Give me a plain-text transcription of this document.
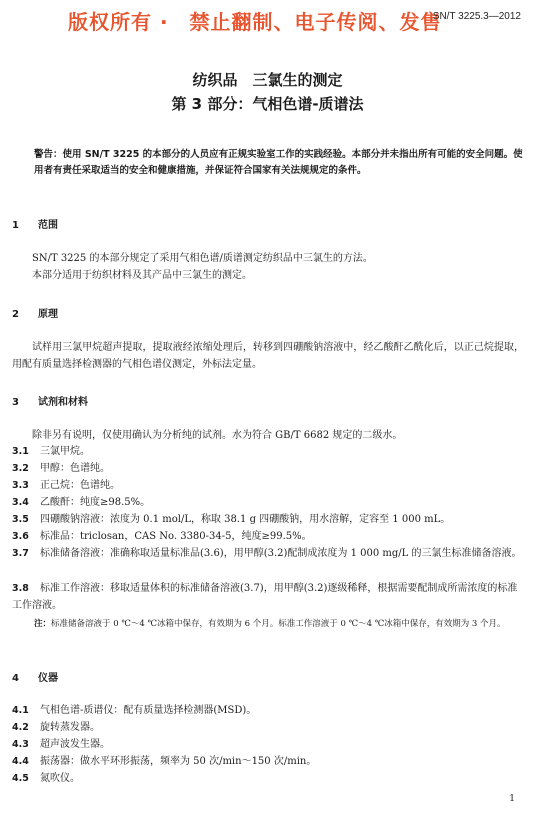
版权所有 ·　禁止翻制、电子传阅、发售
SN/T 3225.3—2012
纺织品　三氯生的测定
第 3 部分：气相色谱-质谱法
警告：使用 SN/T 3225 的本部分的人员应有正规实验室工作的实践经验。本部分并未指出所有可能的安全问题。使用者有责任采取适当的安全和健康措施，并保证符合国家有关法规规定的条件。
1 范围
SN/T 3225 的本部分规定了采用气相色谱/质谱测定纺织品中三氯生的方法。
本部分适用于纺织材料及其产品中三氯生的测定。
2 原理
试样用三氯甲烷超声提取，提取液经浓缩处理后，转移到四硼酸钠溶液中，经乙酸酐乙酰化后，以正己烷提取，用配有质量选择检测器的气相色谱仪测定，外标法定量。
3 试剂和材料
除非另有说明，仅使用确认为分析纯的试剂。水为符合 GB/T 6682 规定的二级水。
3.1 三氯甲烷。
3.2 甲醇：色谱纯。
3.3 正己烷：色谱纯。
3.4 乙酸酐：纯度≥98.5%。
3.5 四硼酸钠溶液：浓度为 0.1 mol/L，称取 38.1 g 四硼酸钠，用水溶解，定容至 1 000 mL。
3.6 标准品：triclosan，CAS No. 3380-34-5，纯度≥99.5%。
3.7 标准储备溶液：准确称取适量标准品(3.6)，用甲醇(3.2)配制成浓度为 1 000 mg/L 的三氯生标准储备溶液。
3.8 标准工作溶液：移取适量体积的标准储备溶液(3.7)，用甲醇(3.2)逐级稀释，根据需要配制成所需浓度的标准工作溶液。
注：标准储备溶液于 0 ℃～4 ℃冰箱中保存，有效期为 6 个月。标准工作溶液于 0 ℃～4 ℃冰箱中保存，有效期为 3 个月。
4 仪器
4.1 气相色谱-质谱仪：配有质量选择检测器(MSD)。
4.2 旋转蒸发器。
4.3 超声波发生器。
4.4 振荡器：做水平环形振荡，频率为 50 次/min～150 次/min。
4.5 氮吹仪。
1
